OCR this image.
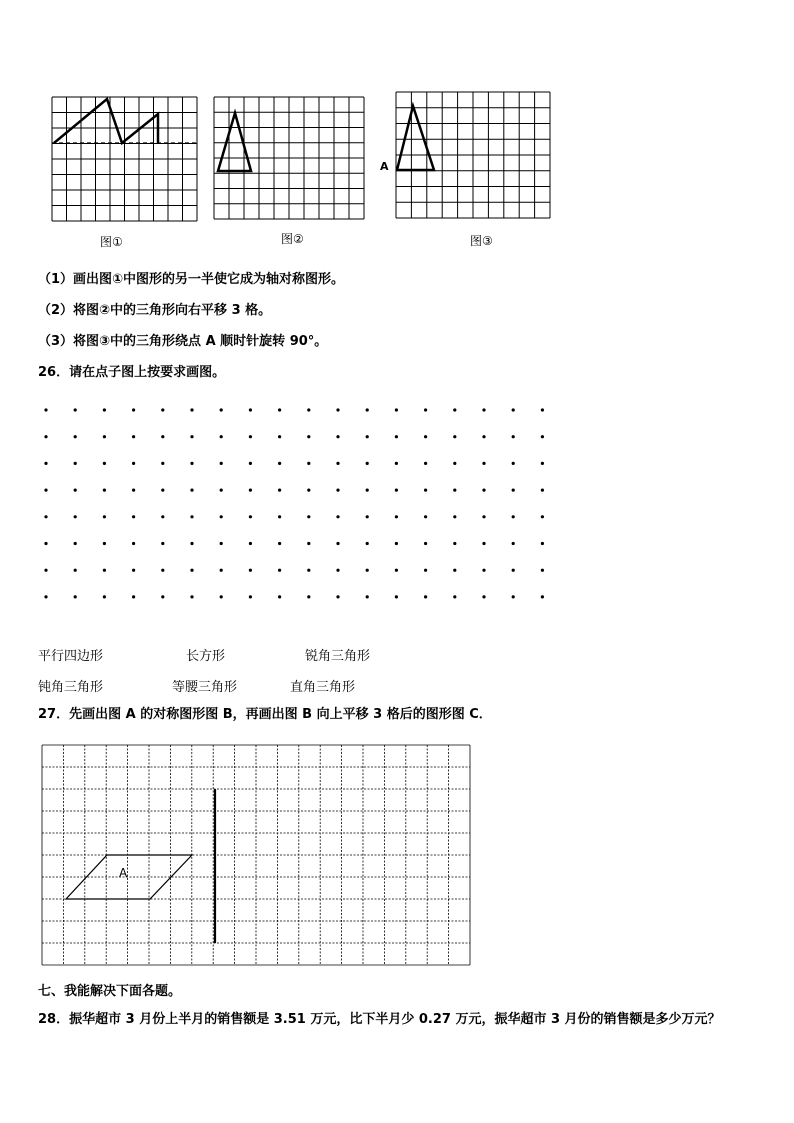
图①	图②
A
图③
（1）画出图①中图形的另一半使它成为轴对称图形。
（2）将图②中的三角形向右平移 3 格。
（3）将图③中的三角形绕点 A 顺时针旋转 90°。
26．请在点子图上按要求画图。
平行四边形	长方形	锐角三角形
钝角三角形	等腰三角形	直角三角形
27．先画出图 A 的对称图形图 B，再画出图 B 向上平移 3 格后的图形图 C．
A
七、我能解决下面各题。
28．振华超市 3 月份上半月的销售额是 3.51 万元，比下半月少 0.27 万元，振华超市 3 月份的销售额是多少万元？
